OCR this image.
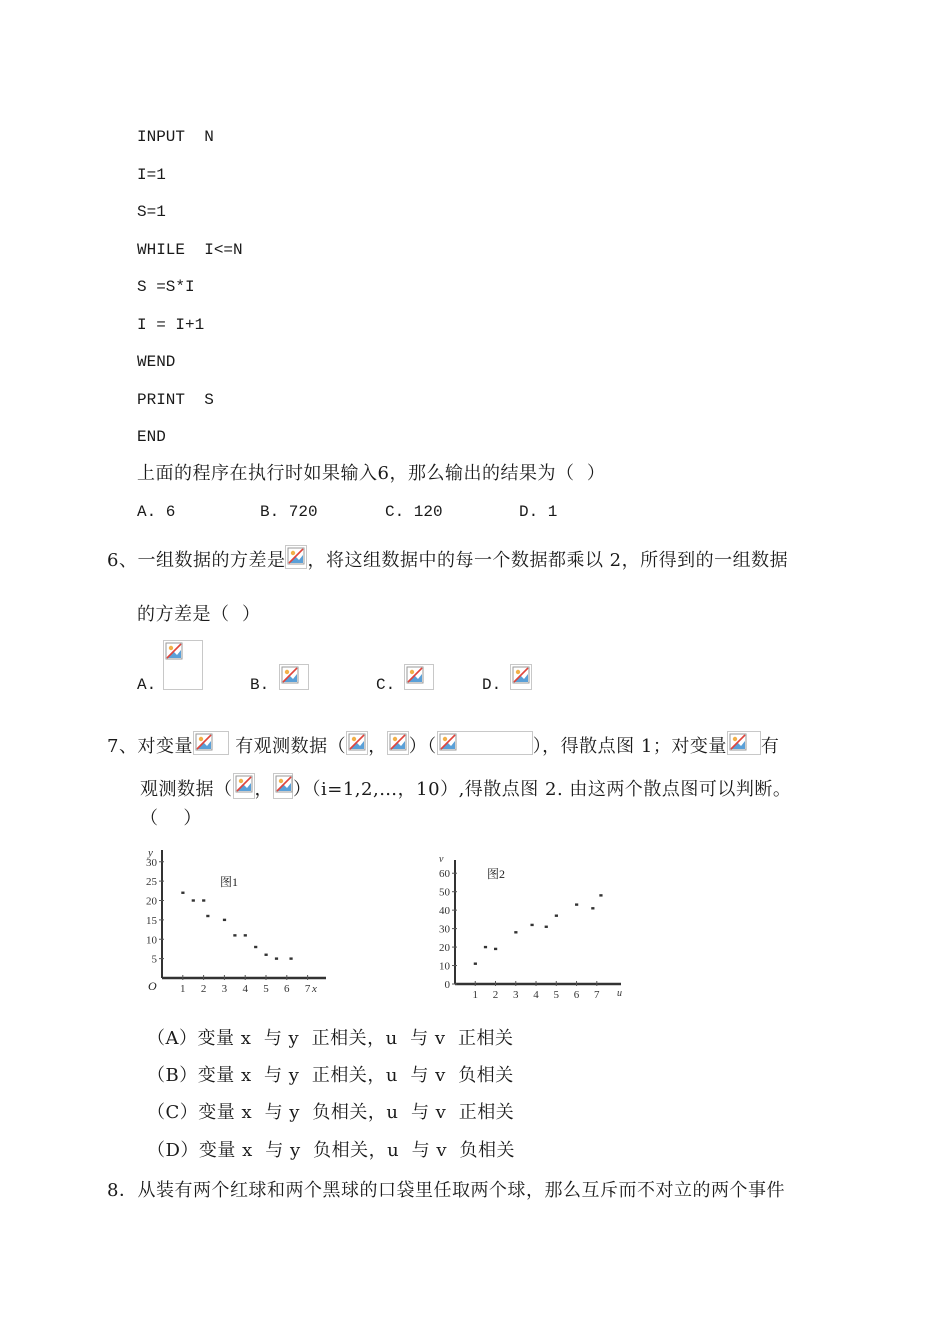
INPUT  N
I=1
S=1
WHILE  I<=N
S =S*I
I = I+1
WEND
PRINT  S
END
上面的程序在执行时如果输入6，那么输出的结果为（  ）
A. 6	B. 720	C. 120	D. 1
6、一组数据的方差是 ，将这组数据中的每一个数据都乘以 2，所得到的一组数据
的方差是（  ）
A.	B.	C.	D.
7、对变量 有观测数据（ ， ）（	），得散点图 1；对变量 有
观测数据（ ， ）（i=1,2,…，10）,得散点图 2. 由这两个散点图可以判断。
（    ）
30
25
20
15
10
5
1 2 3 4 5 6 7
图1
y
x
O
60
50
40
30
20
10
0
1 2 3 4 5 6 7
图2
v
u
（A）变量 x  与 y  正相关，u  与 v  正相关
（B）变量 x  与 y  正相关，u  与 v  负相关
（C）变量 x  与 y  负相关，u  与 v  正相关
（D）变量 x  与 y  负相关，u  与 v  负相关
8．从装有两个红球和两个黑球的口袋里任取两个球，那么互斥而不对立的两个事件
